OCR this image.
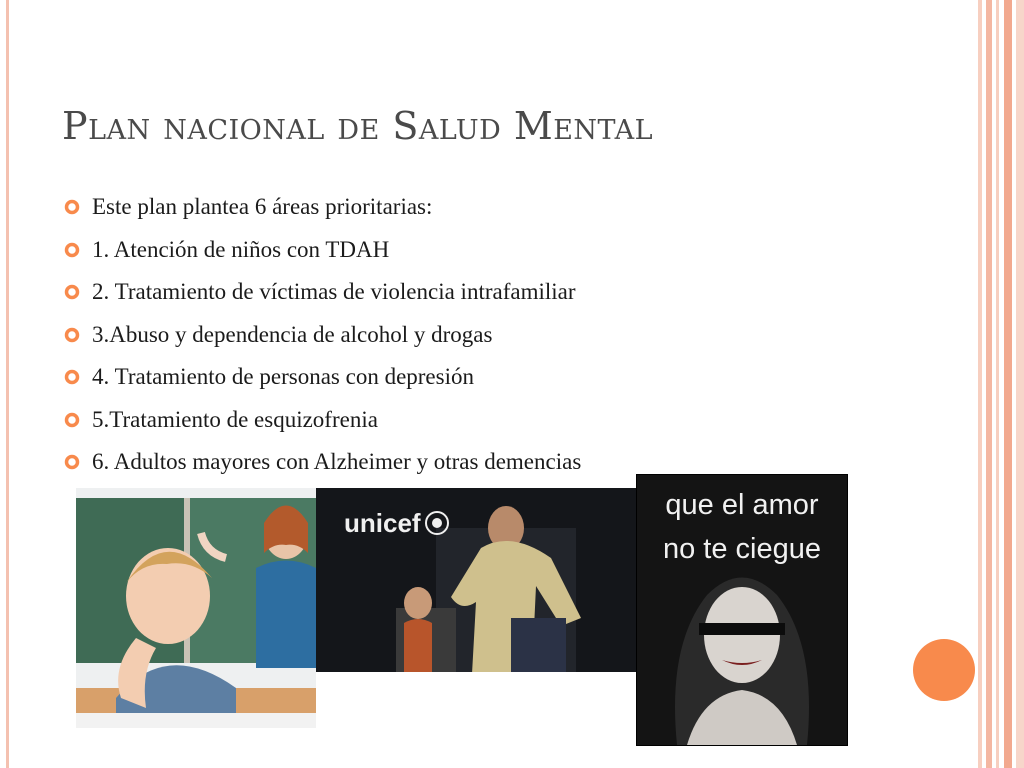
Plan nacional de Salud Mental
Este plan plantea 6 áreas prioritarias:
1. Atención de niños con TDAH
2. Tratamiento de víctimas de violencia intrafamiliar
3.Abuso y dependencia de alcohol y drogas
4. Tratamiento de personas con depresión
5.Tratamiento de esquizofrenia
6. Adultos mayores con Alzheimer y otras demencias
unicef
que el amor
no te ciegue
